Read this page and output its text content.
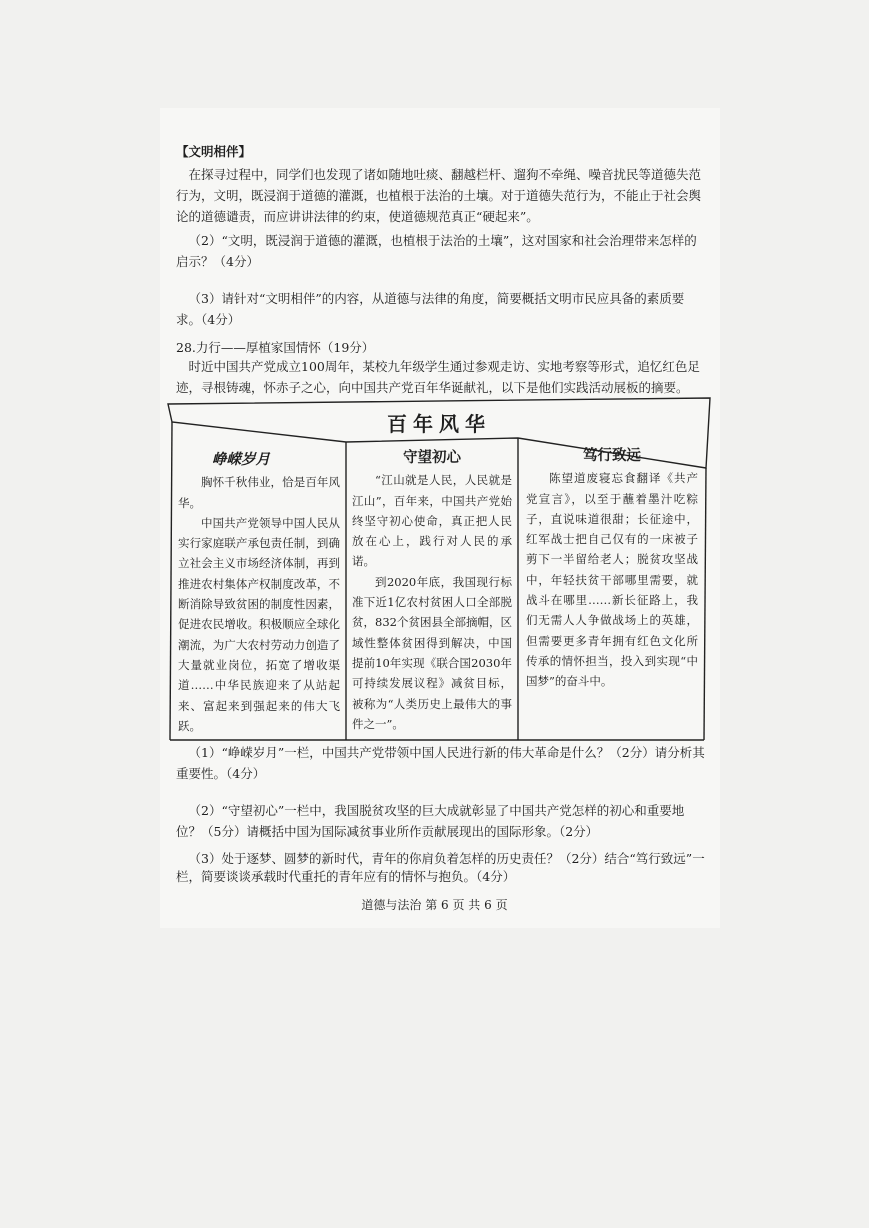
【文明相伴】

在探寻过程中，同学们也发现了诸如随地吐痰、翻越栏杆、遛狗不牵绳、噪音扰民等道德失范行为，文明，既浸润于道德的灌溉，也植根于法治的土壤。对于道德失范行为，不能止于社会舆论的道德谴责，而应讲讲法律的约束，使道德规范真正“硬起来”。

（2）“文明，既浸润于道德的灌溉，也植根于法治的土壤”，这对国家和社会治理带来怎样的启示？（4分）

（3）请针对“文明相伴”的内容，从道德与法律的角度，简要概括文明市民应具备的素质要求。（4分）

28.力行——厚植家国情怀（19分）

时近中国共产党成立100周年，某校九年级学生通过参观走访、实地考察等形式，追忆红色足迹，寻根铸魂，怀赤子之心，向中国共产党百年华诞献礼，以下是他们实践活动展板的摘要。

百年风华
峥嵘岁月

胸怀千秋伟业，恰是百年风华。

中国共产党领导中国人民从实行家庭联产承包责任制，到确立社会主义市场经济体制，再到推进农村集体产权制度改革，不断消除导致贫困的制度性因素，促进农民增收。积极顺应全球化潮流，为广大农村劳动力创造了大量就业岗位，拓宽了增收渠道……中华民族迎来了从站起来、富起来到强起来的伟大飞跃。

守望初心

“江山就是人民，人民就是江山”，百年来，中国共产党始终坚守初心使命，真正把人民放在心上，践行对人民的承诺。

到2020年底，我国现行标准下近1亿农村贫困人口全部脱贫，832个贫困县全部摘帽，区域性整体贫困得到解决，中国提前10年实现《联合国2030年可持续发展议程》减贫目标，被称为“人类历史上最伟大的事件之一”。

笃行致远

陈望道废寝忘食翻译《共产党宣言》，以至于蘸着墨汁吃粽子，直说味道很甜；长征途中，红军战士把自己仅有的一床被子剪下一半留给老人；脱贫攻坚战中，年轻扶贫干部哪里需要，就战斗在哪里……新长征路上，我们无需人人争做战场上的英雄，但需要更多青年拥有红色文化所传承的情怀担当，投入到实现“中国梦”的奋斗中。

（1）“峥嵘岁月”一栏，中国共产党带领中国人民进行新的伟大革命是什么？（2分）请分析其重要性。（4分）

（2）“守望初心”一栏中，我国脱贫攻坚的巨大成就彰显了中国共产党怎样的初心和重要地位？（5分）请概括中国为国际减贫事业所作贡献展现出的国际形象。（2分）

（3）处于逐梦、圆梦的新时代，青年的你肩负着怎样的历史责任？（2分）结合“笃行致远”一栏，简要谈谈承载时代重托的青年应有的情怀与抱负。（4分）

道德与法治 第 6 页 共 6 页
